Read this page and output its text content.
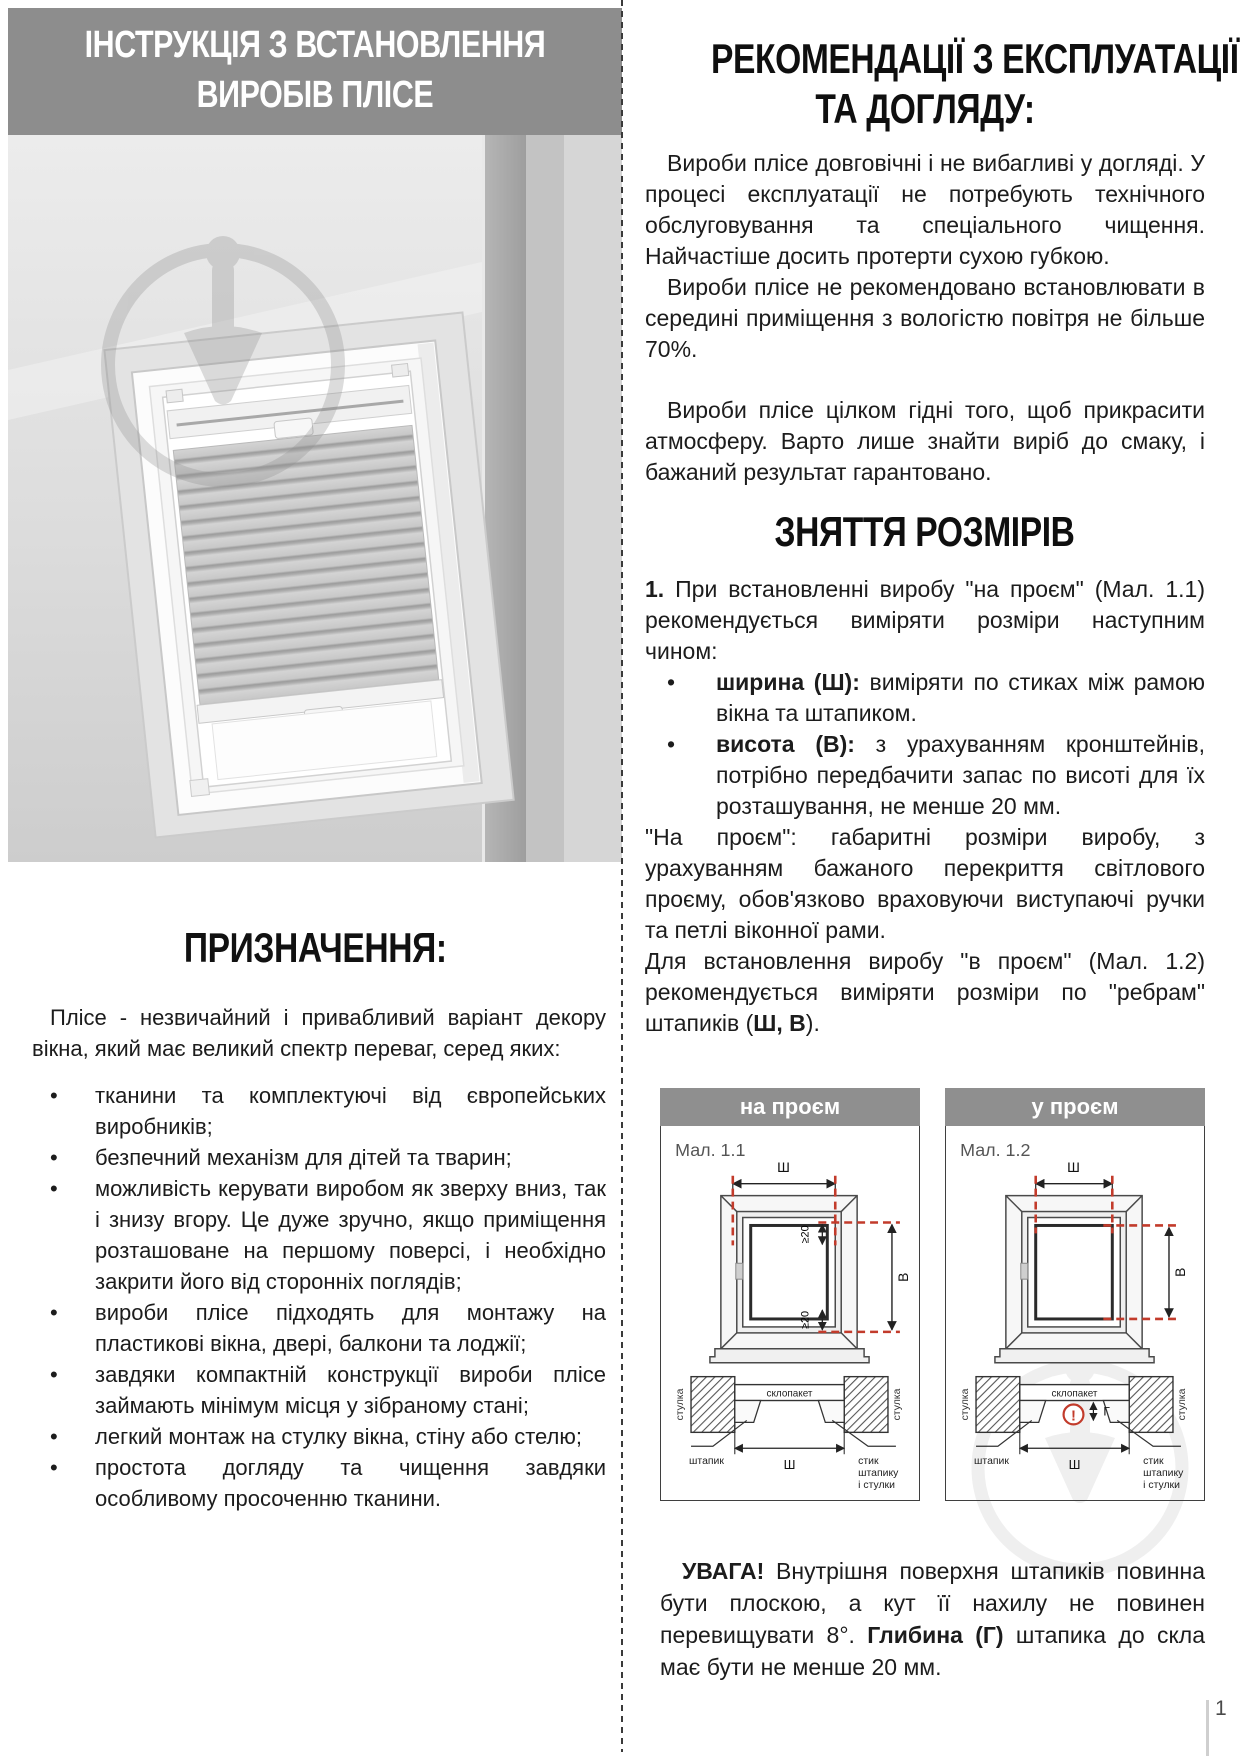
ІНСТРУКЦІЯ З ВСТАНОВЛЕННЯ
ВИРОБІВ ПЛІСЕ
ПРИЗНАЧЕННЯ:

Плісе - незвичайний і привабливий варіант декору вікна, який має великий спектр переваг, серед яких:

•	тканини та комплектуючі від європейських виробників;
•	безпечний механізм для дітей та тварин;
•	можливість керувати виробом як зверху вниз, так і знизу вгору. Це дуже зручно, якщо приміщення розташоване на першому поверсі, і необхідно закрити його від сторонніх поглядів;
•	вироби плісе підходять для монтажу на пластикові вікна, двері, балкони та лоджії;
•	завдяки компактній конструкції вироби плісе займають мінімум місця у зібраному стані;
•	легкий монтаж на стулку вікна, стіну або стелю;
•	простота догляду та чищення завдяки особливому просоченню тканини.
РЕКОМЕНДАЦІЇ З ЕКСПЛУАТАЦІЇ
ТА ДОГЛЯДУ:

Вироби плісе довговічні і не вибагливі у догляді. У процесі експлуатації не потребують технічного обслуговування та спеціального чищення. Найчастіше досить протерти сухою губкою.

Вироби плісе не рекомендовано встановлювати в середині приміщення з вологістю повітря не більше 70%.

Вироби плісе цілком гідні того, щоб прикрасити атмосферу. Варто лише знайти виріб до смаку, і бажаний результат гарантовано.

ЗНЯТТЯ РОЗМІРІВ

1. При встановленні виробу "на проєм" (Мал. 1.1) рекомендується виміряти розміри наступним чином:

•	ширина (Ш): виміряти по стиках між рамою вікна та штапиком.
•	висота (В): з урахуванням кронштейнів, потрібно передбачити запас по висоті для їх розташування, не менше 20 мм.

"На проєм": габаритні розміри виробу, з урахуванням бажаного перекриття світлового проєму, обов'язково враховуючи виступаючі ручки та петлі віконної рами.

Для встановлення виробу "в проєм" (Мал. 1.2) рекомендується виміряти розміри по "ребрам" штапиків (Ш, В).

на проєм
Мал. 1.1
Ш
В
≥20
≥20
склопакет
стулка	стулка
Ш
штапик	стик
штапику
і стулки
у проєм
Мал. 1.2
Ш
В
склопакет
стулка	стулка
Ш
штапик	стик
штапику
і стулки
! Г

УВАГА! Внутрішня поверхня штапиків повинна бути плоскою, а кут її нахилу не повинен перевищувати 8°. Глибина (Г) штапика до скла має бути не менше 20 мм.

1
